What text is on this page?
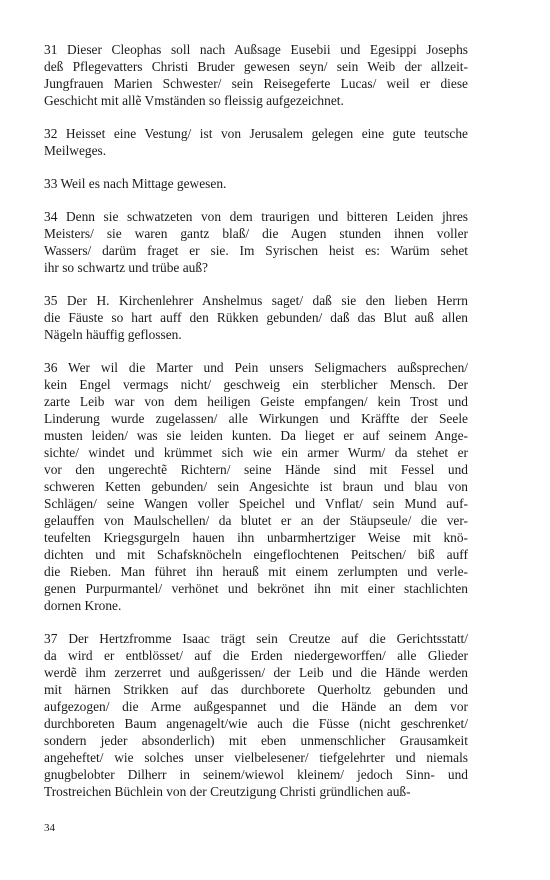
31 Dieser Cleophas soll nach Außsage Eusebii und Egesippi Josephs
deß Pflegevatters Christi Bruder gewesen seyn/ sein Weib der allzeit-
Jungfrauen Marien Schwester/ sein Reisegeferte Lucas/ weil er diese
Geschicht mit allẽ Vmständen so fleissig aufgezeichnet.
32 Heisset eine Vestung/ ist von Jerusalem gelegen eine gute teutsche
Meilweges.
33 Weil es nach Mittage gewesen.
34 Denn sie schwatzeten von dem traurigen und bitteren Leiden jhres
Meisters/ sie waren gantz blaß/ die Augen stunden ihnen voller
Wassers/ darüm fraget er sie. Im Syrischen heist es: Warüm sehet
ihr so schwartz und trübe auß?
35 Der H. Kirchenlehrer Anshelmus saget/ daß sie den lieben Herrn
die Fäuste so hart auff den Rükken gebunden/ daß das Blut auß allen
Nägeln häuffig geflossen.
36 Wer wil die Marter und Pein unsers Seligmachers außsprechen/
kein Engel vermags nicht/ geschweig ein sterblicher Mensch. Der
zarte Leib war von dem heiligen Geiste empfangen/ kein Trost und
Linderung wurde zugelassen/ alle Wirkungen und Kräffte der Seele
musten leiden/ was sie leiden kunten. Da lieget er auf seinem Ange-
sichte/ windet und krümmet sich wie ein armer Wurm/ da stehet er
vor den ungerechtẽ Richtern/ seine Hände sind mit Fessel und
schweren Ketten gebunden/ sein Angesichte ist braun und blau von
Schlägen/ seine Wangen voller Speichel und Vnflat/ sein Mund auf-
gelauffen von Maulschellen/ da blutet er an der Stäupseule/ die ver-
teufelten Kriegsgurgeln hauen ihn unbarmhertziger Weise mit knö-
dichten und mit Schafsknöcheln eingeflochtenen Peitschen/ biß auff
die Rieben. Man führet ihn herauß mit einem zerlumpten und verle-
genen Purpurmantel/ verhönet und bekrönet ihn mit einer stachlichten
dornen Krone.
37 Der Hertzfromme Isaac trägt sein Creutze auf die Gerichtsstatt/
da wird er entblösset/ auf die Erden niedergeworffen/ alle Glieder
werdẽ ihm zerzerret und außgerissen/ der Leib und die Hände werden
mit härnen Strikken auf das durchborete Querholtz gebunden und
aufgezogen/ die Arme außgespannet und die Hände an dem vor
durchboreten Baum angenagelt/wie auch die Füsse (nicht geschrenket/
sondern jeder absonderlich) mit eben unmenschlicher Grausamkeit
angeheftet/ wie solches unser vielbelesener/ tiefgelehrter und niemals
gnugbelobter Dilherr in seinem/wiewol kleinem/ jedoch Sinn- und
Trostreichen Büchlein von der Creutzigung Christi gründlichen auß-
34
